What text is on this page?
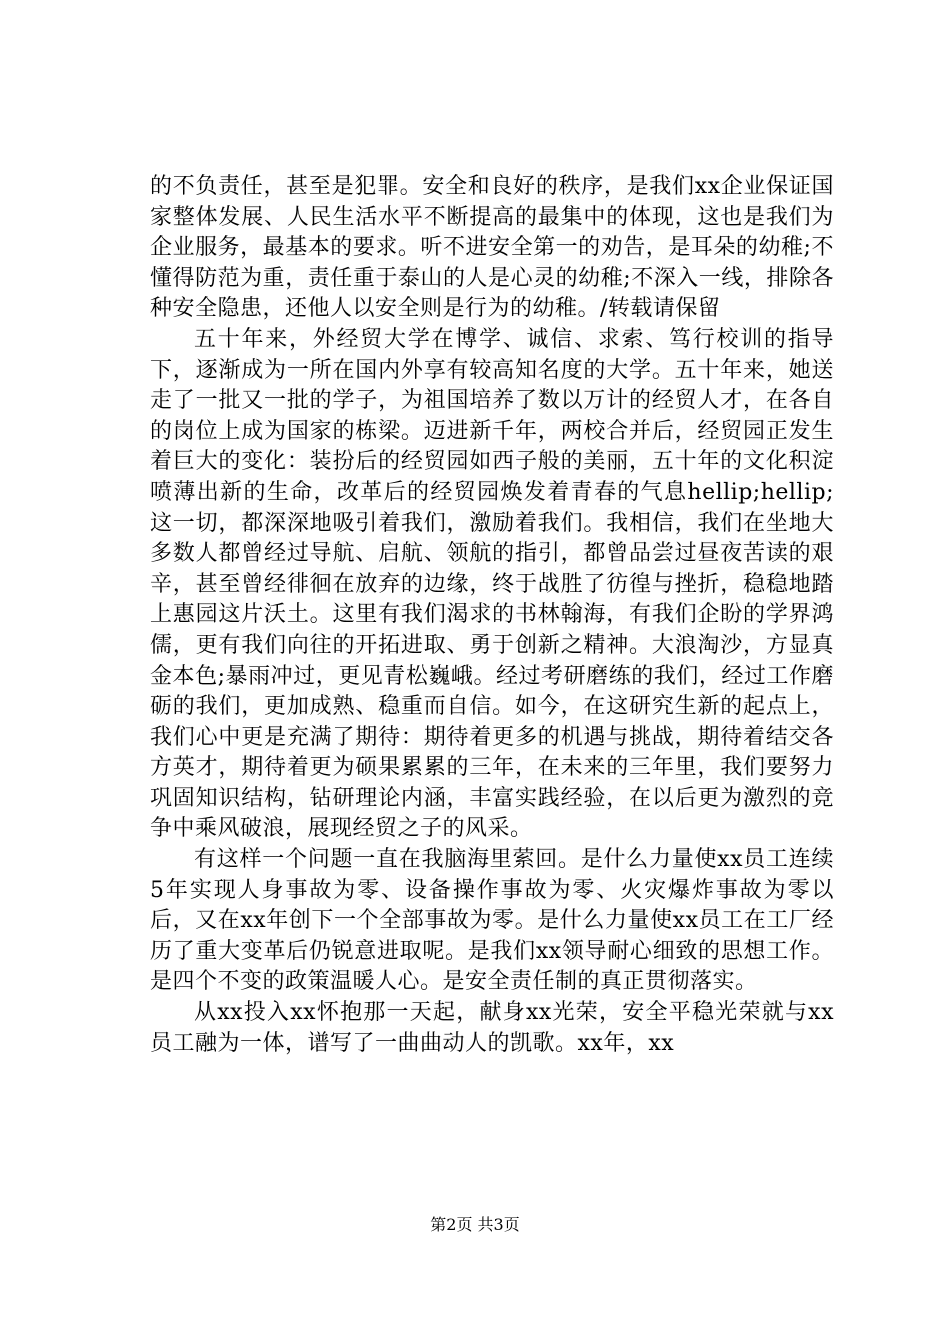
的不负责任，甚至是犯罪。安全和良好的秩序，是我们xx企业保证国家整体发展、人民生活水平不断提高的最集中的体现，这也是我们为企业服务，最基本的要求。听不进安全第一的劝告，是耳朵的幼稚;不懂得防范为重，责任重于泰山的人是心灵的幼稚;不深入一线，排除各种安全隐患，还他人以安全则是行为的幼稚。/转载请保留

五十年来，外经贸大学在博学、诚信、求索、笃行校训的指导下，逐渐成为一所在国内外享有较高知名度的大学。五十年来，她送走了一批又一批的学子，为祖国培养了数以万计的经贸人才，在各自的岗位上成为国家的栋梁。迈进新千年，两校合并后，经贸园正发生着巨大的变化：装扮后的经贸园如西子般的美丽，五十年的文化积淀喷薄出新的生命，改革后的经贸园焕发着青春的气息hellip;hellip;这一切，都深深地吸引着我们，激励着我们。我相信，我们在坐地大多数人都曾经过导航、启航、领航的指引，都曾品尝过昼夜苦读的艰辛，甚至曾经徘徊在放弃的边缘，终于战胜了彷徨与挫折，稳稳地踏上惠园这片沃土。这里有我们渴求的书林翰海，有我们企盼的学界鸿儒，更有我们向往的开拓进取、勇于创新之精神。大浪淘沙，方显真金本色;暴雨冲过，更见青松巍峨。经过考研磨练的我们，经过工作磨砺的我们，更加成熟、稳重而自信。如今，在这研究生新的起点上，我们心中更是充满了期待：期待着更多的机遇与挑战，期待着结交各方英才，期待着更为硕果累累的三年，在未来的三年里，我们要努力巩固知识结构，钻研理论内涵，丰富实践经验，在以后更为激烈的竞争中乘风破浪，展现经贸之子的风采。

有这样一个问题一直在我脑海里萦回。是什么力量使xx员工连续5年实现人身事故为零、设备操作事故为零、火灾爆炸事故为零以后，又在xx年创下一个全部事故为零。是什么力量使xx员工在工厂经历了重大变革后仍锐意进取呢。是我们xx领导耐心细致的思想工作。是四个不变的政策温暖人心。是安全责任制的真正贯彻落实。

从xx投入xx怀抱那一天起，献身xx光荣，安全平稳光荣就与xx员工融为一体，谱写了一曲曲动人的凯歌。xx年，xx

第2页 共3页
